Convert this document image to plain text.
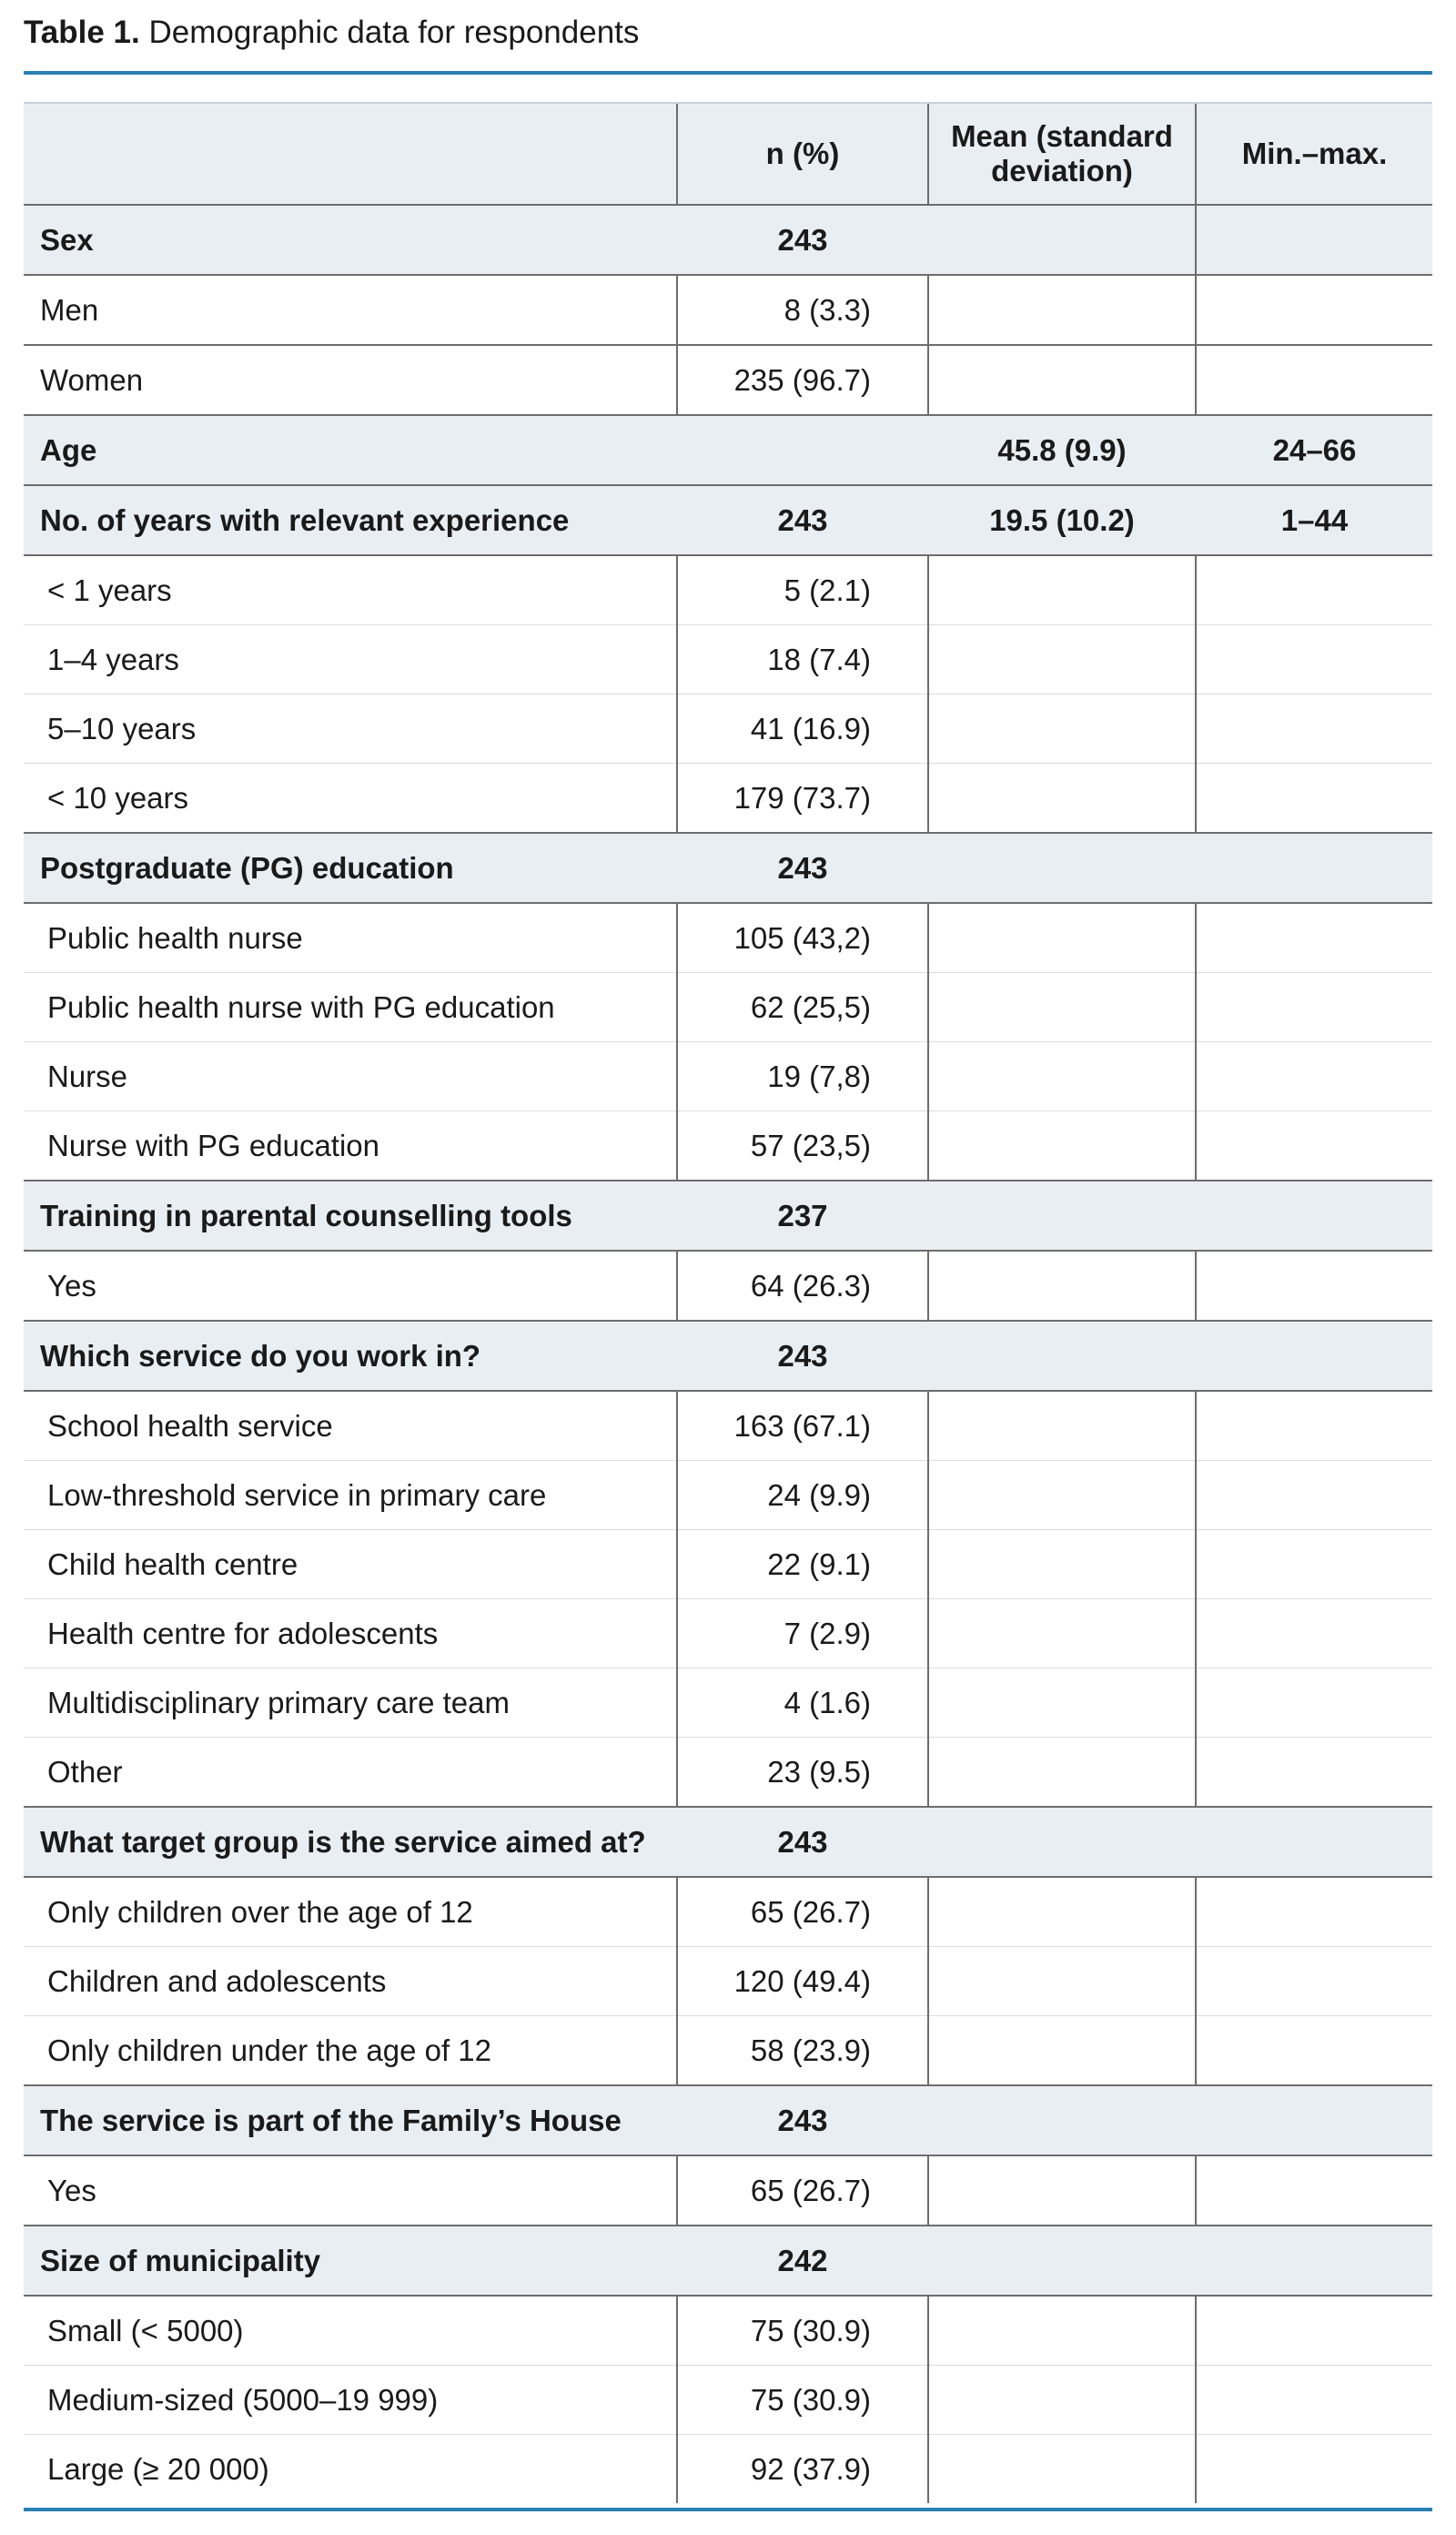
Table 1. Demographic data for respondents
	n (%)	Mean (standard deviation)	Min.–max.
Sex	243		
Men	8 (3.3)		
Women	235 (96.7)		
Age		45.8 (9.9)	24–66
No. of years with relevant experience	243	19.5 (10.2)	1–44
< 1 years	5 (2.1)		
1–4 years	18 (7.4)		
5–10 years	41 (16.9)		
< 10 years	179 (73.7)		
Postgraduate (PG) education	243		
Public health nurse	105 (43,2)		
Public health nurse with PG education	62 (25,5)		
Nurse	19 (7,8)		
Nurse with PG education	57 (23,5)		
Training in parental counselling tools	237		
Yes	64 (26.3)		
Which service do you work in?	243		
School health service	163 (67.1)		
Low-threshold service in primary care	24 (9.9)		
Child health centre	22 (9.1)		
Health centre for adolescents	7 (2.9)		
Multidisciplinary primary care team	4 (1.6)		
Other	23 (9.5)		
What target group is the service aimed at?	243		
Only children over the age of 12	65 (26.7)		
Children and adolescents	120 (49.4)		
Only children under the age of 12	58 (23.9)		
The service is part of the Family’s House	243		
Yes	65 (26.7)		
Size of municipality	242		
Small (< 5000)	75 (30.9)		
Medium-sized (5000–19 999)	75 (30.9)		
Large (≥ 20 000)	92 (37.9)		
